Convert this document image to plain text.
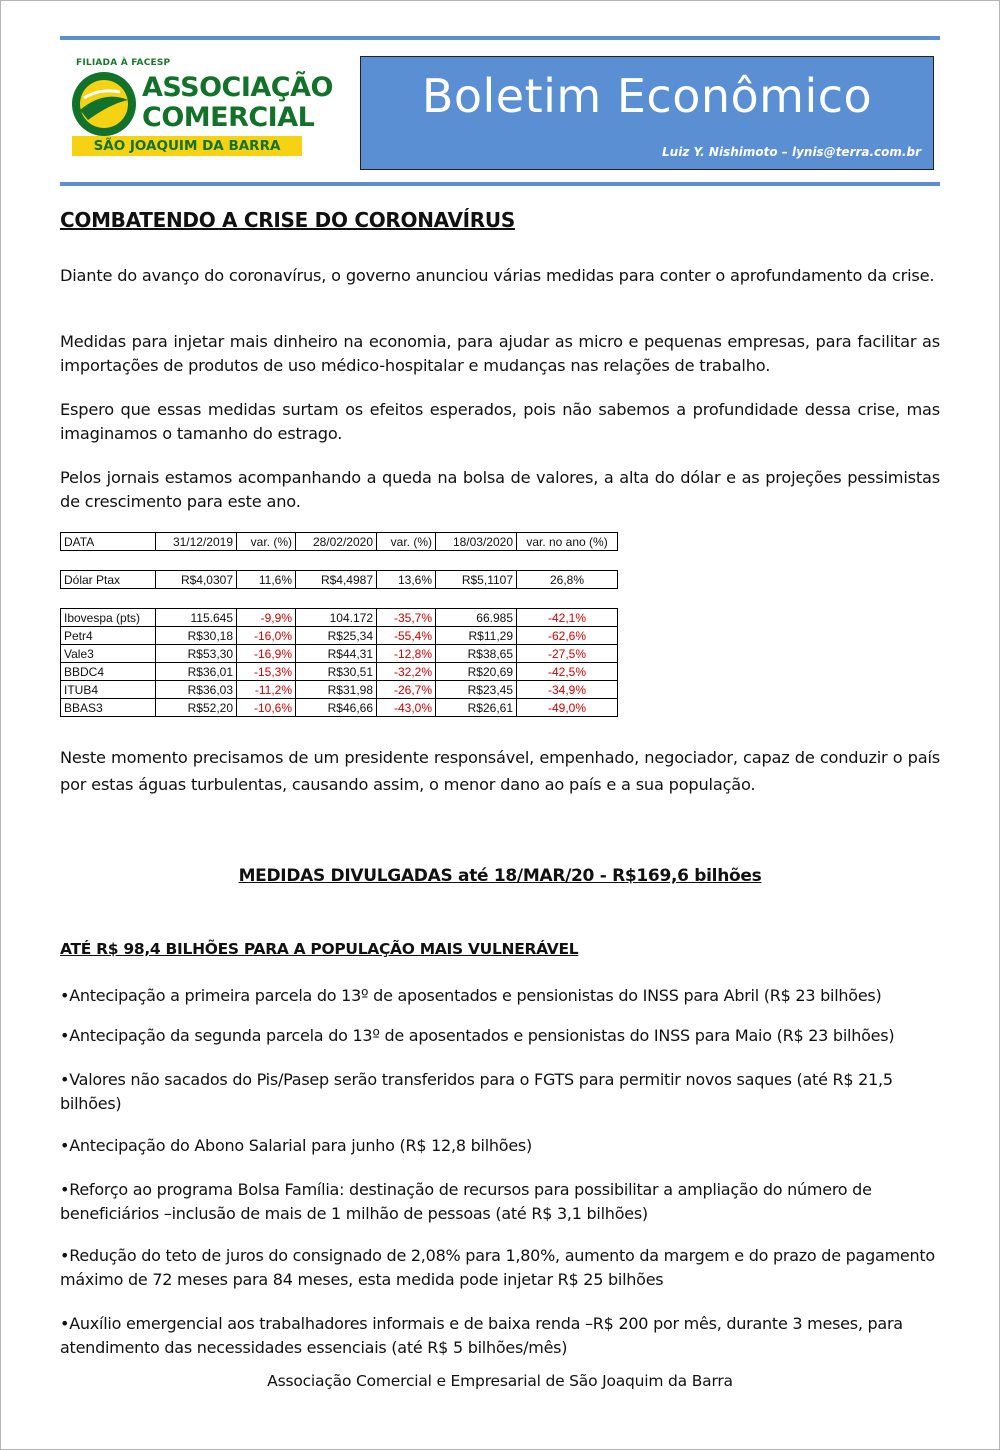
FILIADA À FACESP
ASSOCIAÇÃO
COMERCIAL
SÃO JOAQUIM DA BARRA
Boletim Econômico
Luiz Y. Nishimoto – lynis@terra.com.br
COMBATENDO A CRISE DO CORONAVÍRUS

Diante do avanço do coronavírus, o governo anunciou várias medidas para conter o aprofundamento da crise.

Medidas para injetar mais dinheiro na economia, para ajudar as micro e pequenas empresas, para facilitar as importações de produtos de uso médico-hospitalar e mudanças nas relações de trabalho.

Espero que essas medidas surtam os efeitos esperados, pois não sabemos a profundidade dessa crise, mas imaginamos o tamanho do estrago.

Pelos jornais estamos acompanhando a queda na bolsa de valores, a alta do dólar e as projeções pessimistas de crescimento para este ano.

DATA	31/12/2019	var. (%)	28/02/2020	var. (%)	18/03/2020	var. no ano (%)

Dólar Ptax	R$4,0307	11,6%	R$4,4987	13,6%	R$5,1107	26,8%

Ibovespa (pts)	115.645	-9,9%	104.172	-35,7%	66.985	-42,1%
Petr4	R$30,18	-16,0%	R$25,34	-55,4%	R$11,29	-62,6%
Vale3	R$53,30	-16,9%	R$44,31	-12,8%	R$38,65	-27,5%
BBDC4	R$36,01	-15,3%	R$30,51	-32,2%	R$20,69	-42,5%
ITUB4	R$36,03	-11,2%	R$31,98	-26,7%	R$23,45	-34,9%
BBAS3	R$52,20	-10,6%	R$46,66	-43,0%	R$26,61	-49,0%

Neste momento precisamos de um presidente responsável, empenhado, negociador, capaz de conduzir o país por estas águas turbulentas, causando assim, o menor dano ao país e a sua população.

MEDIDAS DIVULGADAS até 18/MAR/20 - R$169,6 bilhões
ATÉ R$ 98,4 BILHÕES PARA A POPULAÇÃO MAIS VULNERÁVEL

•Antecipação a primeira parcela do 13º de aposentados e pensionistas do INSS para Abril (R$ 23 bilhões)

•Antecipação da segunda parcela do 13º de aposentados e pensionistas do INSS para Maio (R$ 23 bilhões)

•Valores não sacados do Pis/Pasep serão transferidos para o FGTS para permitir novos saques (até R$ 21,5 bilhões)

•Antecipação do Abono Salarial para junho (R$ 12,8 bilhões)

•Reforço ao programa Bolsa Família: destinação de recursos para possibilitar a ampliação do número de beneficiários –inclusão de mais de 1 milhão de pessoas (até R$ 3,1 bilhões)

•Redução do teto de juros do consignado de 2,08% para 1,80%, aumento da margem e do prazo de pagamento máximo de 72 meses para 84 meses, esta medida pode injetar R$ 25 bilhões

•Auxílio emergencial aos trabalhadores informais e de baixa renda –R$ 200 por mês, durante 3 meses, para atendimento das necessidades essenciais (até R$ 5 bilhões/mês)

Associação Comercial e Empresarial de São Joaquim da Barra
